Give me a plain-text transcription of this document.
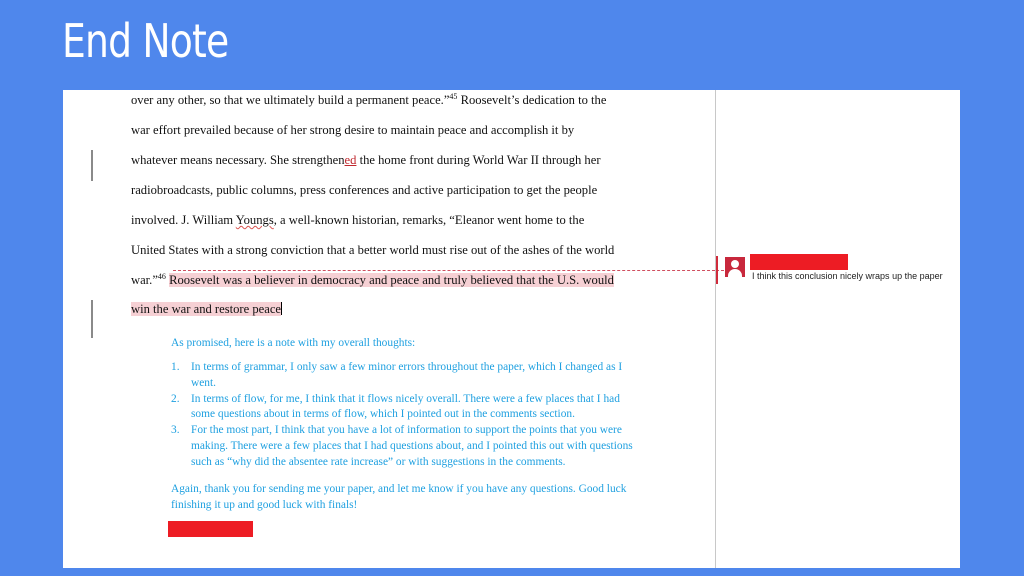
End Note
over any other, so that we ultimately build a permanent peace.”$^{45}$ Roosevelt’s dedication to the
war effort prevailed because of her strong desire to maintain peace and accomplish it by
whatever means necessary. She strengthened the home front during World War II through her
radiobroadcasts, public columns, press conferences and active participation to get the people
involved. J. William Youngs, a well-known historian, remarks, “Eleanor went home to the
United States with a strong conviction that a better world must rise out of the ashes of the world
war.”$^{46}$ Roosevelt was a believer in democracy and peace and truly believed that the U.S. would
win the war and restore peace

As promised, here is a note with my overall thoughts:

1. In terms of grammar, I only saw a few minor errors throughout the paper, which I changed as I went.
2. In terms of flow, for me, I think that it flows nicely overall. There were a few places that I had some questions about in terms of flow, which I pointed out in the comments section.
3. For the most part, I think that you have a lot of information to support the points that you were making. There were a few places that I had questions about, and I pointed this out with questions such as “why did the absentee rate increase” or with suggestions in the comments.

Again, thank you for sending me your paper, and let me know if you have any questions. Good luck finishing it up and good luck with finals!

I think this conclusion nicely wraps up the paper
